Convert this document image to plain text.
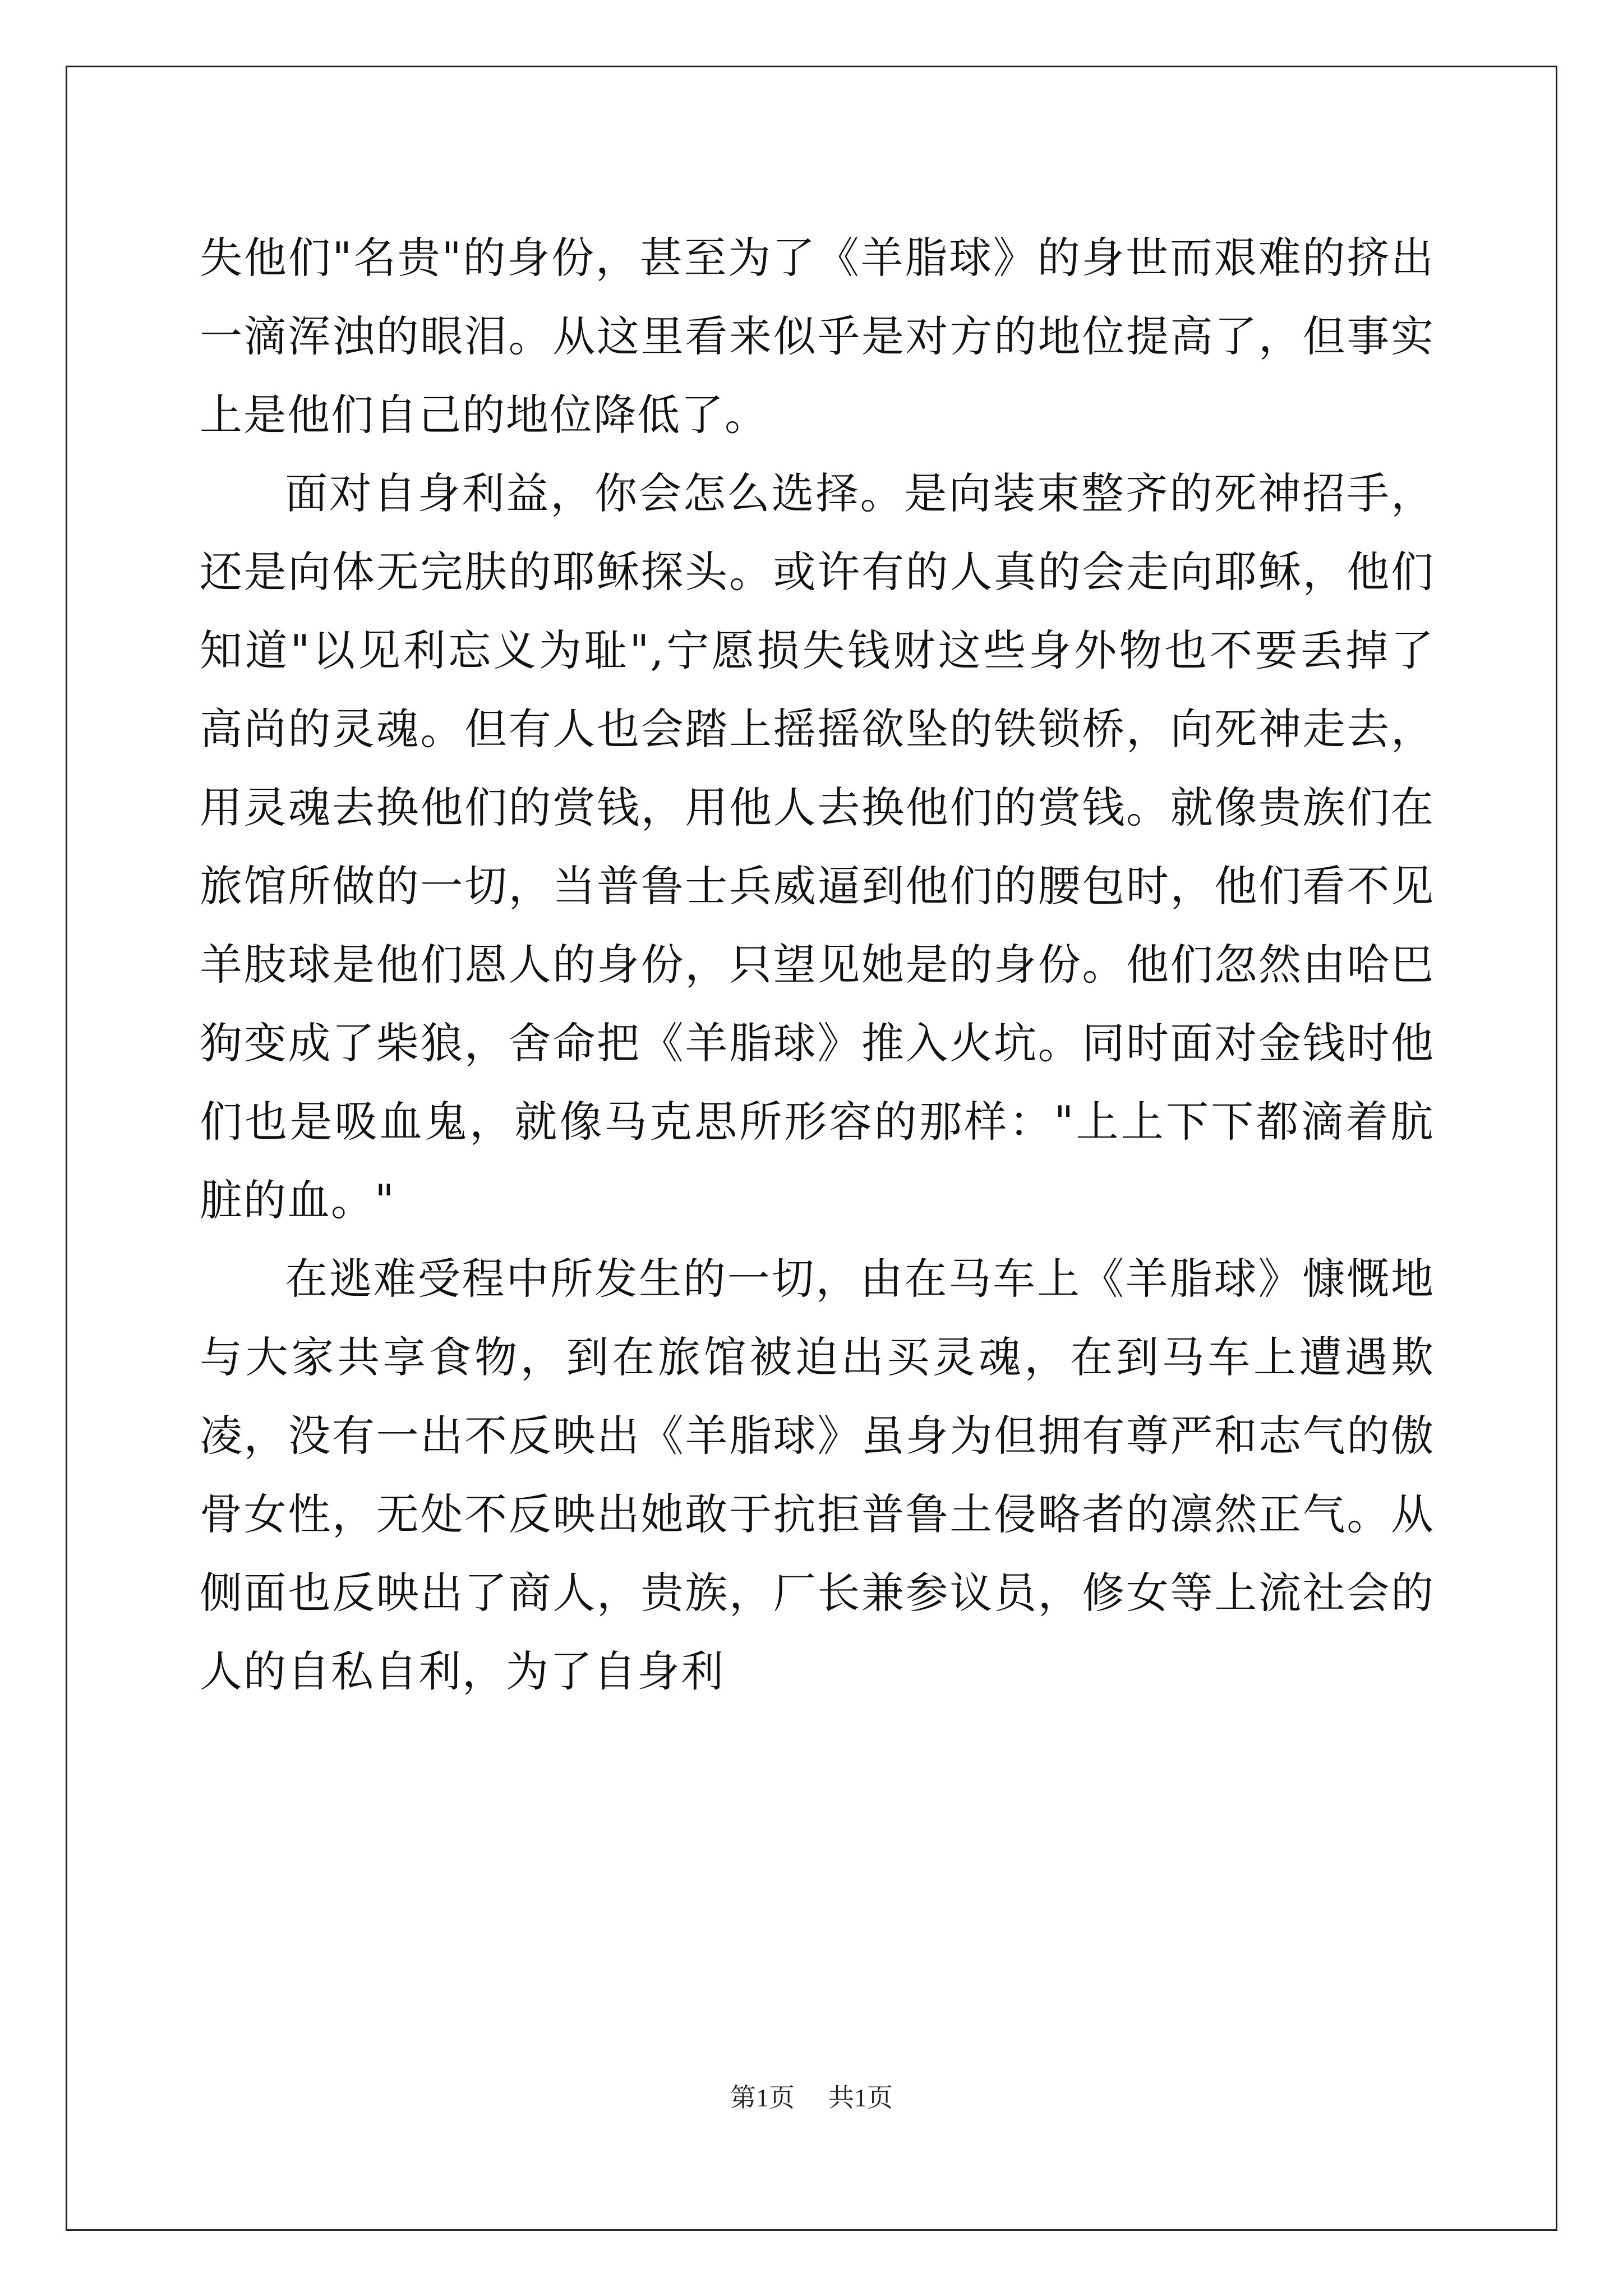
失他们"名贵"的身份，甚至为了《羊脂球》的身世而艰难的挤出一滴浑浊的眼泪。从这里看来似乎是对方的地位提高了，但事实上是他们自己的地位降低了。

面对自身利益，你会怎么选择。是向装束整齐的死神招手，还是向体无完肤的耶稣探头。或许有的人真的会走向耶稣，他们知道"以见利忘义为耻",宁愿损失钱财这些身外物也不要丢掉了高尚的灵魂。但有人也会踏上摇摇欲坠的铁锁桥，向死神走去，用灵魂去换他们的赏钱，用他人去换他们的赏钱。就像贵族们在旅馆所做的一切，当普鲁士兵威逼到他们的腰包时，他们看不见羊肢球是他们恩人的身份，只望见她是的身份。他们忽然由哈巴狗变成了柴狼，舍命把《羊脂球》推入火坑。同时面对金钱时他们也是吸血鬼，就像马克思所形容的那样："上上下下都滴着肮脏的血。"

在逃难受程中所发生的一切，由在马车上《羊脂球》慷慨地与大家共享食物，到在旅馆被迫出买灵魂，在到马车上遭遇欺凌，没有一出不反映出《羊脂球》虽身为但拥有尊严和志气的傲骨女性，无处不反映出她敢于抗拒普鲁土侵略者的凛然正气。从侧面也反映出了商人，贵族，厂长兼参议员，修女等上流社会的人的自私自利，为了自身利

第1页 共1页
